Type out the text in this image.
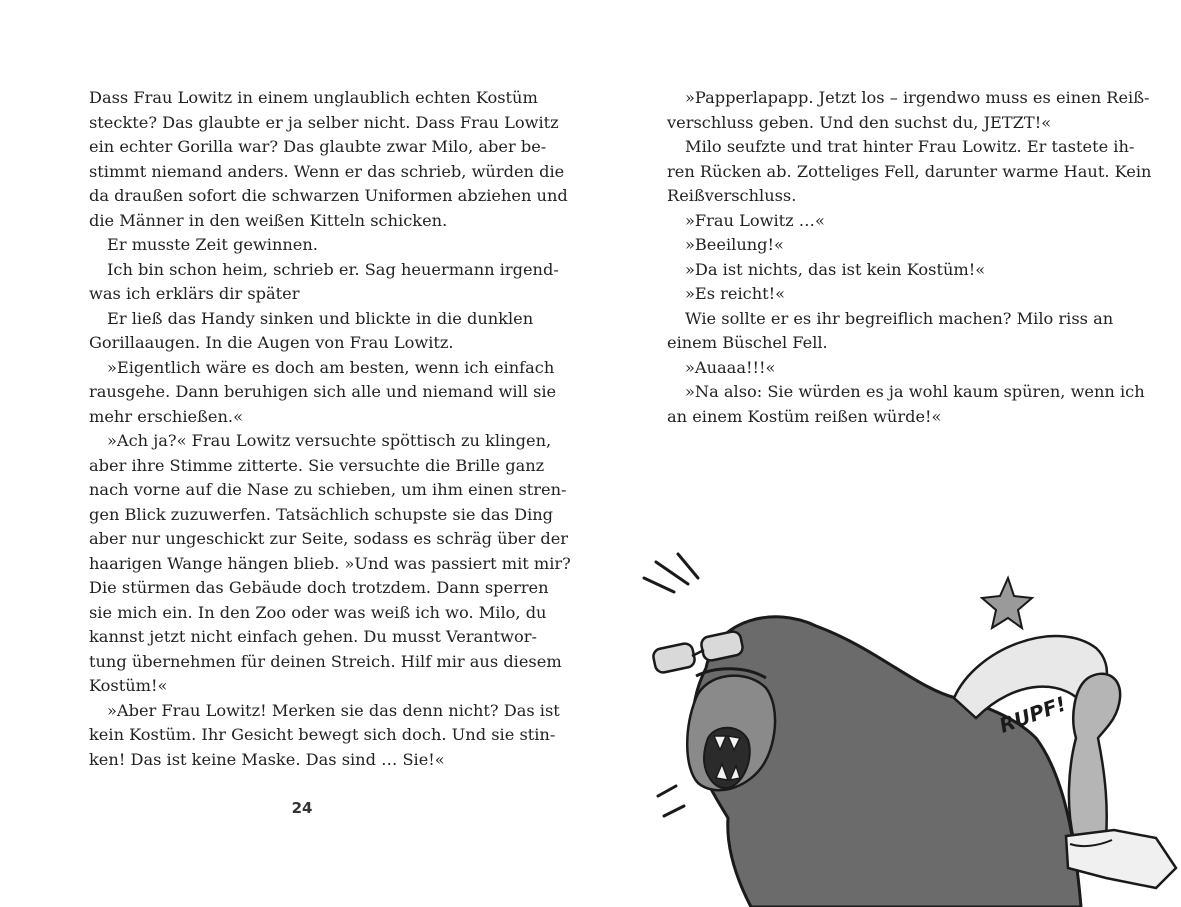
Dass Frau Lowitz in einem unglaublich echten Kostüm

steckte? Das glaubte er ja selber nicht. Dass Frau Lowitz

ein echter Gorilla war? Das glaubte zwar Milo, aber be-

stimmt niemand anders. Wenn er das schrieb, würden die

da draußen sofort die schwarzen Uniformen abziehen und

die Männer in den weißen Kitteln schicken.

Er musste Zeit gewinnen.

Ich bin schon heim, schrieb er. Sag heuermann irgend-

was ich erklärs dir später

Er ließ das Handy sinken und blickte in die dunklen

Gorillaaugen. In die Augen von Frau Lowitz.

»Eigentlich wäre es doch am besten, wenn ich einfach

rausgehe. Dann beruhigen sich alle und niemand will sie

mehr erschießen.«

»Ach ja?« Frau Lowitz versuchte spöttisch zu klingen,

aber ihre Stimme zitterte. Sie versuchte die Brille ganz

nach vorne auf die Nase zu schieben, um ihm einen stren-

gen Blick zuzuwerfen. Tatsächlich schupste sie das Ding

aber nur ungeschickt zur Seite, sodass es schräg über der

haarigen Wange hängen blieb. »Und was passiert mit mir?

Die stürmen das Gebäude doch trotzdem. Dann sperren

sie mich ein. In den Zoo oder was weiß ich wo. Milo, du

kannst jetzt nicht einfach gehen. Du musst Verantwor-

tung übernehmen für deinen Streich. Hilf mir aus diesem

Kostüm!«

»Aber Frau Lowitz! Merken sie das denn nicht? Das ist

kein Kostüm. Ihr Gesicht bewegt sich doch. Und sie stin-

ken! Das ist keine Maske. Das sind … Sie!«

24

»Papperlapapp. Jetzt los – irgendwo muss es einen Reiß-

verschluss geben. Und den suchst du, JETZT!«

Milo seufzte und trat hinter Frau Lowitz. Er tastete ih-

ren Rücken ab. Zotteliges Fell, darunter warme Haut. Kein

Reißverschluss.

»Frau Lowitz …«

»Beeilung!«

»Da ist nichts, das ist kein Kostüm!«

»Es reicht!«

Wie sollte er es ihr begreiflich machen? Milo riss an

einem Büschel Fell.

»Auaaa!!!«

»Na also: Sie würden es ja wohl kaum spüren, wenn ich

an einem Kostüm reißen würde!«

RUPF!
